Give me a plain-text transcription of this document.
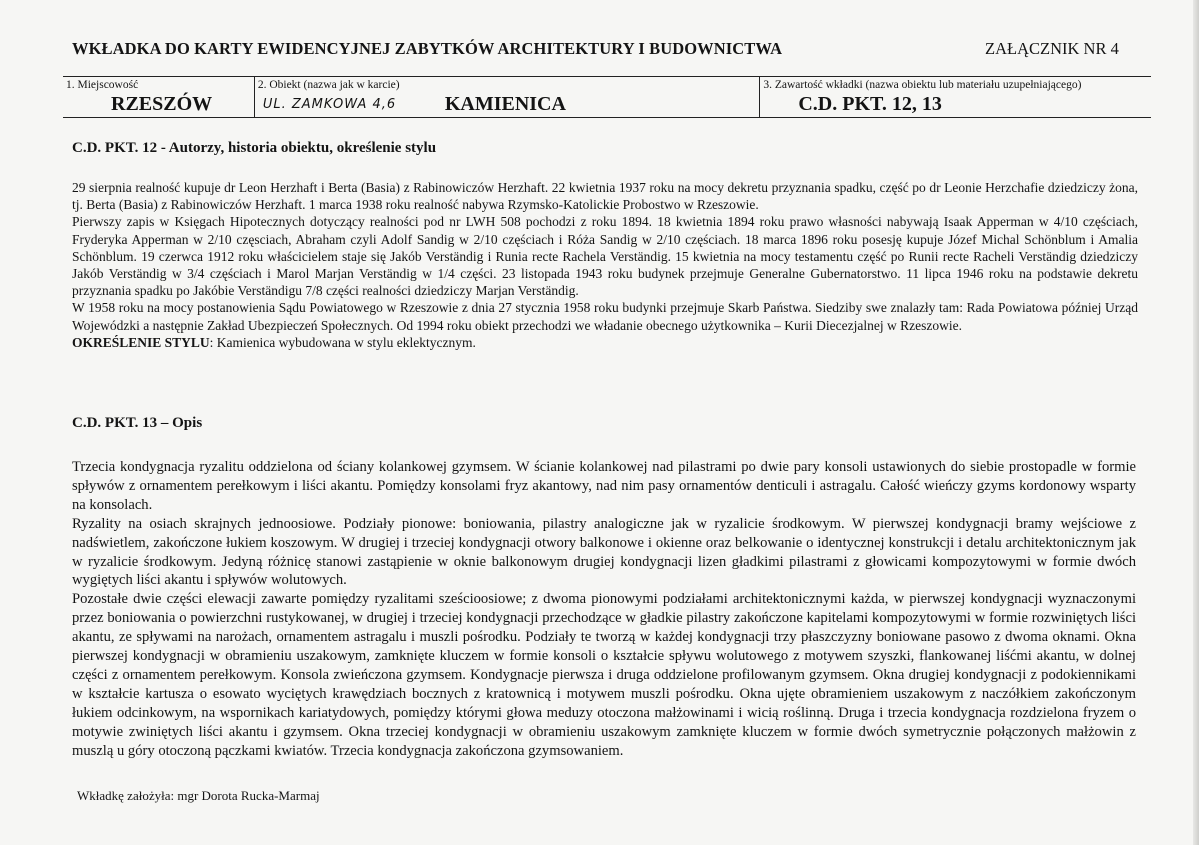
WKŁADKA DO KARTY EWIDENCYJNEJ ZABYTKÓW ARCHITEKTURY I BUDOWNICTWA	ZAŁĄCZNIK NR 4
1. Miejscowość
RZESZÓW
2. Obiekt (nazwa jak w karcie)
UL. ZAMKOWA 4,6 KAMIENICA
3. Zawartość wkładki (nazwa obiektu lub materiału uzupełniającego)
C.D. PKT. 12, 13
C.D. PKT. 12 - Autorzy, historia obiektu, określenie stylu

29 sierpnia realność kupuje dr Leon Herzhaft i Berta (Basia) z Rabinowiczów Herzhaft. 22 kwietnia 1937 roku na mocy dekretu przyznania spadku, część po dr Leonie Herzchafie dziedziczy żona, tj. Berta (Basia) z Rabinowiczów Herzhaft. 1 marca 1938 roku realność nabywa Rzymsko-Katolickie Probostwo w Rzeszowie.

Pierwszy zapis w Księgach Hipotecznych dotyczący realności pod nr LWH 508 pochodzi z roku 1894. 18 kwietnia 1894 roku prawo własności nabywają Isaak Apperman w 4/10 częściach, Fryderyka Apperman w 2/10 częsciach, Abraham czyli Adolf Sandig w 2/10 częściach i Róża Sandig w 2/10 częściach. 18 marca 1896 roku posesję kupuje Józef Michal Schönblum i Amalia Schönblum. 19 czerwca 1912 roku właścicielem staje się Jakób Verständig i Runia recte Rachela Verständig. 15 kwietnia na mocy testamentu część po Runii recte Racheli Verständig dziedziczy Jakób Verständig w 3/4 częściach i Marol Marjan Verständig w 1/4 części. 23 listopada 1943 roku budynek przejmuje Generalne Gubernatorstwo. 11 lipca 1946 roku na podstawie dekretu przyznania spadku po Jakóbie Verständigu 7/8 części realności dziedziczy Marjan Verständig.

W 1958 roku na mocy postanowienia Sądu Powiatowego w Rzeszowie z dnia 27 stycznia 1958 roku budynki przejmuje Skarb Państwa. Siedziby swe znalazły tam: Rada Powiatowa później Urząd Wojewódzki a następnie Zakład Ubezpieczeń Społecznych. Od 1994 roku obiekt przechodzi we władanie obecnego użytkownika – Kurii Diecezjalnej w Rzeszowie.

OKREŚLENIE STYLU: Kamienica wybudowana w stylu eklektycznym.

C.D. PKT. 13 – Opis

Trzecia kondygnacja ryzalitu oddzielona od ściany kolankowej gzymsem. W ścianie kolankowej nad pilastrami po dwie pary konsoli ustawionych do siebie prostopadle w formie spływów z ornamentem perełkowym i liści akantu. Pomiędzy konsolami fryz akantowy, nad nim pasy ornamentów denticuli i astragalu. Całość wieńczy gzyms kordonowy wsparty na konsolach.

Ryzality na osiach skrajnych jednoosiowe. Podziały pionowe: boniowania, pilastry analogiczne jak w ryzalicie środkowym. W pierwszej kondygnacji bramy wejściowe z nadświetlem, zakończone łukiem koszowym. W drugiej i trzeciej kondygnacji otwory balkonowe i okienne oraz belkowanie o identycznej konstrukcji i detalu architektonicznym jak w ryzalicie środkowym. Jedyną różnicę stanowi zastąpienie w oknie balkonowym drugiej kondygnacji lizen gładkimi pilastrami z głowicami kompozytowymi w formie dwóch wygiętych liści akantu i spływów wolutowych.

Pozostałe dwie części elewacji zawarte pomiędzy ryzalitami sześcioosiowe; z dwoma pionowymi podziałami architektonicznymi każda, w pierwszej kondygnacji wyznaczonymi przez boniowania o powierzchni rustykowanej, w drugiej i trzeciej kondygnacji przechodzące w gładkie pilastry zakończone kapitelami kompozytowymi w formie rozwiniętych liści akantu, ze spływami na narożach, ornamentem astragalu i muszli pośrodku. Podziały te tworzą w każdej kondygnacji trzy płaszczyzny boniowane pasowo z dwoma oknami. Okna pierwszej kondygnacji w obramieniu uszakowym, zamknięte kluczem w formie konsoli o kształcie spływu wolutowego z motywem szyszki, flankowanej liśćmi akantu, w dolnej części z ornamentem perełkowym. Konsola zwieńczona gzymsem. Kondygnacje pierwsza i druga oddzielone profilowanym gzymsem. Okna drugiej kondygnacji z podokiennikami w kształcie kartusza o esowato wyciętych krawędziach bocznych z kratownicą i motywem muszli pośrodku. Okna ujęte obramieniem uszakowym z naczółkiem zakończonym łukiem odcinkowym, na wspornikach kariatydowych, pomiędzy którymi głowa meduzy otoczona małżowinami i wicią roślinną. Druga i trzecia kondygnacja rozdzielona fryzem o motywie zwiniętych liści akantu i gzymsem. Okna trzeciej kondygnacji w obramieniu uszakowym zamknięte kluczem w formie dwóch symetrycznie połączonych małżowin z muszlą u góry otoczoną pączkami kwiatów. Trzecia kondygnacja zakończona gzymsowaniem.

Wkładkę założyła: mgr Dorota Rucka-Marmaj
